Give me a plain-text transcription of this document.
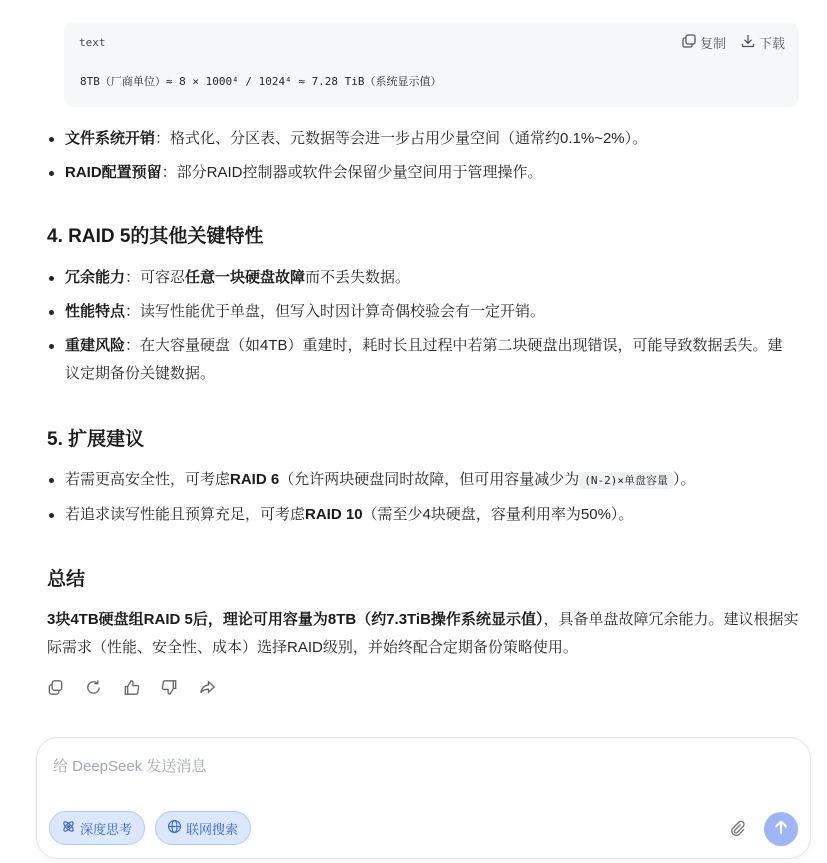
text	复制	下载
8TB（厂商单位）≈ 8 × 1000⁴ / 1024⁴ ≈ 7.28 TiB（系统显示值）
文件系统开销：格式化、分区表、元数据等会进一步占用少量空间（通常约0.1%~2%）。
RAID配置预留：部分RAID控制器或软件会保留少量空间用于管理操作。
4. RAID 5的其他关键特性
冗余能力：可容忍任意一块硬盘故障而不丢失数据。
性能特点：读写性能优于单盘，但写入时因计算奇偶校验会有一定开销。
重建风险：在大容量硬盘（如4TB）重建时，耗时长且过程中若第二块硬盘出现错误，可能导致数据丢失。建议定期备份关键数据。
5. 扩展建议
若需更高安全性，可考虑RAID 6（允许两块硬盘同时故障，但可用容量减少为 (N-2)×单盘容量 ）。
若追求读写性能且预算充足，可考虑RAID 10（需至少4块硬盘，容量利用率为50%）。
总结
3块4TB硬盘组RAID 5后，理论可用容量为8TB（约7.3TiB操作系统显示值），具备单盘故障冗余能力。建议根据实际需求（性能、安全性、成本）选择RAID级别，并始终配合定期备份策略使用。
给 DeepSeek 发送消息
深度思考	联网搜索
